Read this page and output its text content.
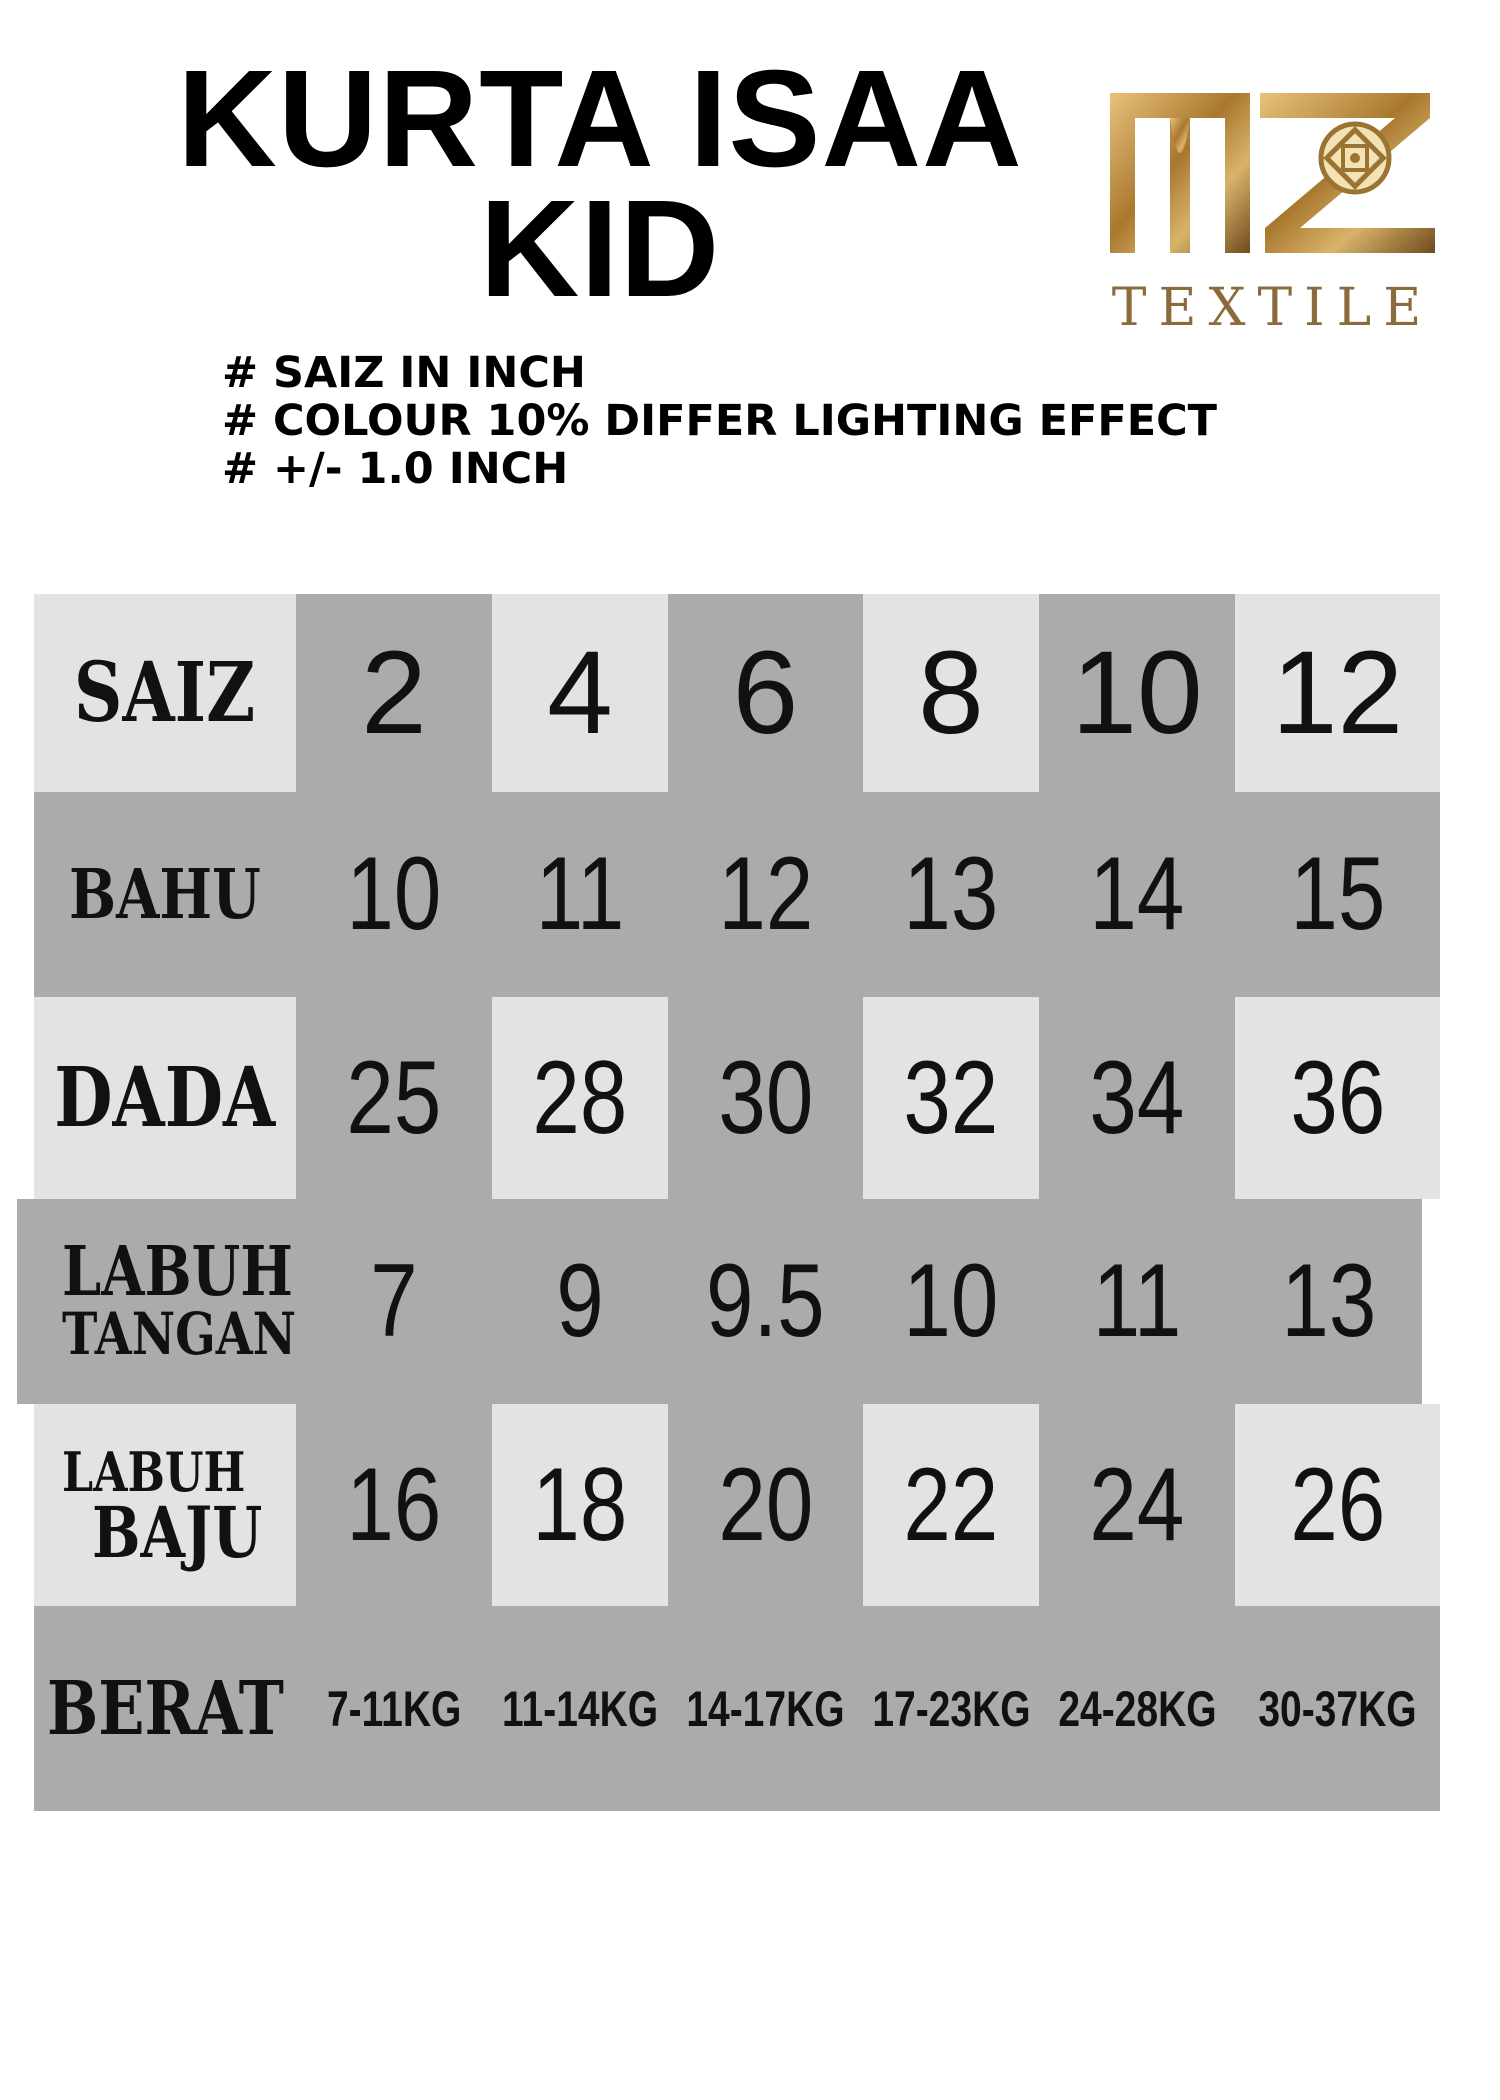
KURTA ISAA
KID	TEXTILE
# SAIZ IN INCH
# COLOUR 10% DIFFER LIGHTING EFFECT
# +/- 1.0 INCH
SAIZ 2 4 6 8 10 12
BAHU 10 11 12 13 14 15
DADA 25 28 30 32 34 36
LABUH
TANGAN 7 9 9.5 10 11 13
LABUH
BAJU 16 18 20 22 24 26
BERAT 7-11KG 11-14KG 14-17KG 17-23KG 24-28KG 30-37KG
